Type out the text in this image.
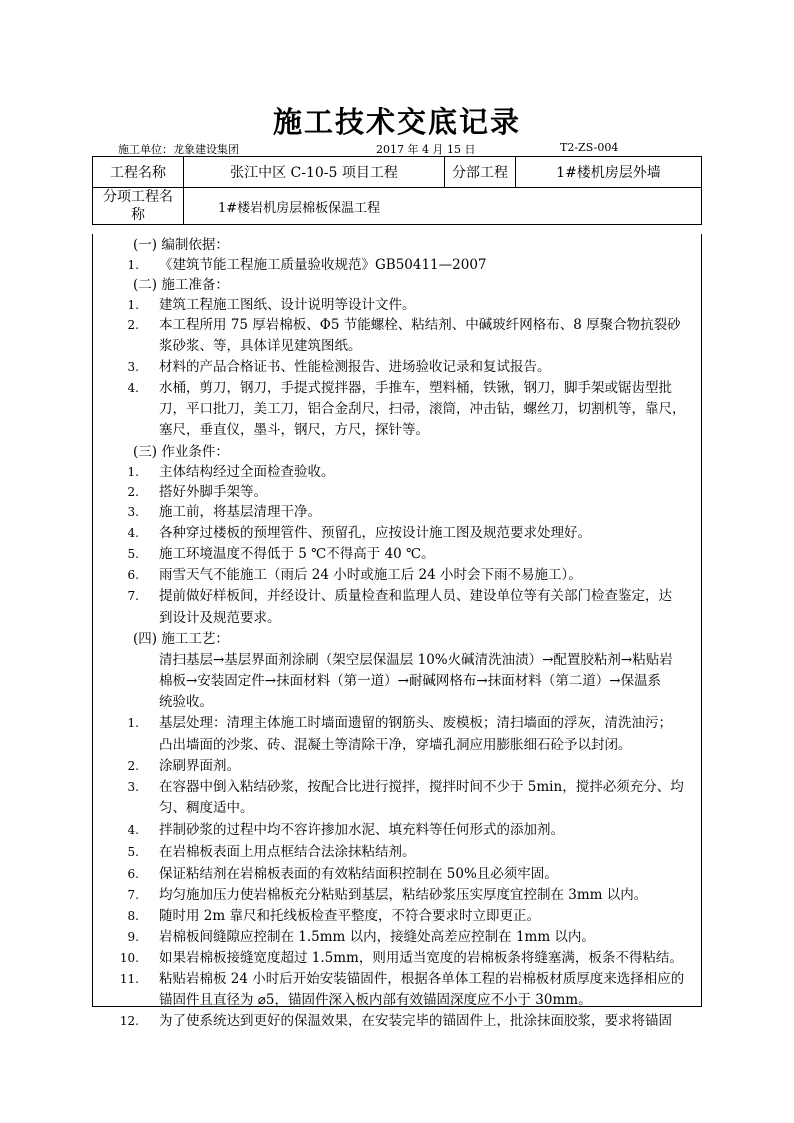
施工技术交底记录
施工单位：龙象建设集团	2017 年 4 月 15 日	T2-ZS-004
工程名称	张江中区 C-10-5 项目工程	分部工程	1#楼机房层外墙

分项工程名
称	1#楼岩机房层棉板保温工程		
(一) 编制依据：
1. 《建筑节能工程施工质量验收规范》GB50411—2007
(二) 施工准备：
1. 建筑工程施工图纸、设计说明等设计文件。
2. 本工程所用 75 厚岩棉板、Φ5 节能螺栓、粘结剂、中碱玻纤网格布、8 厚聚合物抗裂砂
浆砂浆、等，具体详见建筑图纸。
3. 材料的产品合格证书、性能检测报告、进场验收记录和复试报告。
4. 水桶，剪刀，钢刀，手提式搅拌器，手推车，塑料桶，铁锹，钢刀，脚手架或锯齿型批
刀，平口批刀，美工刀，铝合金刮尺，扫帚，滚筒，冲击钻，螺丝刀，切割机等，靠尺，
塞尺，垂直仪，墨斗，钢尺，方尺，探针等。
(三) 作业条件：
1. 主体结构经过全面检查验收。
2. 搭好外脚手架等。
3. 施工前，将基层清理干净。
4. 各种穿过楼板的预埋管件、预留孔，应按设计施工图及规范要求处理好。
5. 施工环境温度不得低于 5 ℃不得高于 40 ℃。
6. 雨雪天气不能施工（雨后 24 小时或施工后 24 小时会下雨不易施工）。
7. 提前做好样板间，并经设计、质量检查和监理人员、建设单位等有关部门检查鉴定，达
到设计及规范要求。
(四) 施工工艺：
清扫基层→基层界面剂涂刷（架空层保温层 10%火碱清洗油渍）→配置胶粘剂→粘贴岩
棉板→安装固定件→抹面材料（第一道）→耐碱网格布→抹面材料（第二道）→保温系
统验收。
1. 基层处理：清理主体施工时墙面遗留的钢筋头、废模板；清扫墙面的浮灰，清洗油污；
凸出墙面的沙浆、砖、混凝土等清除干净，穿墙孔洞应用膨胀细石砼予以封闭。
2. 涂刷界面剂。
3. 在容器中倒入粘结砂浆，按配合比进行搅拌，搅拌时间不少于 5min，搅拌必须充分、均
匀、稠度适中。
4. 拌制砂浆的过程中均不容许掺加水泥、填充料等任何形式的添加剂。
5. 在岩棉板表面上用点框结合法涂抹粘结剂。
6. 保证粘结剂在岩棉板表面的有效粘结面积控制在 50%且必须牢固。
7. 均匀施加压力使岩棉板充分粘贴到基层，粘结砂浆压实厚度宜控制在 3mm 以内。
8. 随时用 2m 靠尺和托线板检查平整度，不符合要求时立即更正。
9. 岩棉板间缝隙应控制在 1.5mm 以内，接缝处高差应控制在 1mm 以内。
10. 如果岩棉板接缝宽度超过 1.5mm，则用适当宽度的岩棉板条将缝塞满，板条不得粘结。
11. 粘贴岩棉板 24 小时后开始安装锚固件，根据各单体工程的岩棉板材质厚度来选择相应的
锚固件且直径为 ⌀5，锚固件深入板内部有效锚固深度应不小于 30mm。
12. 为了使系统达到更好的保温效果，在安装完毕的锚固件上，批涂抹面胶浆，要求将锚固
